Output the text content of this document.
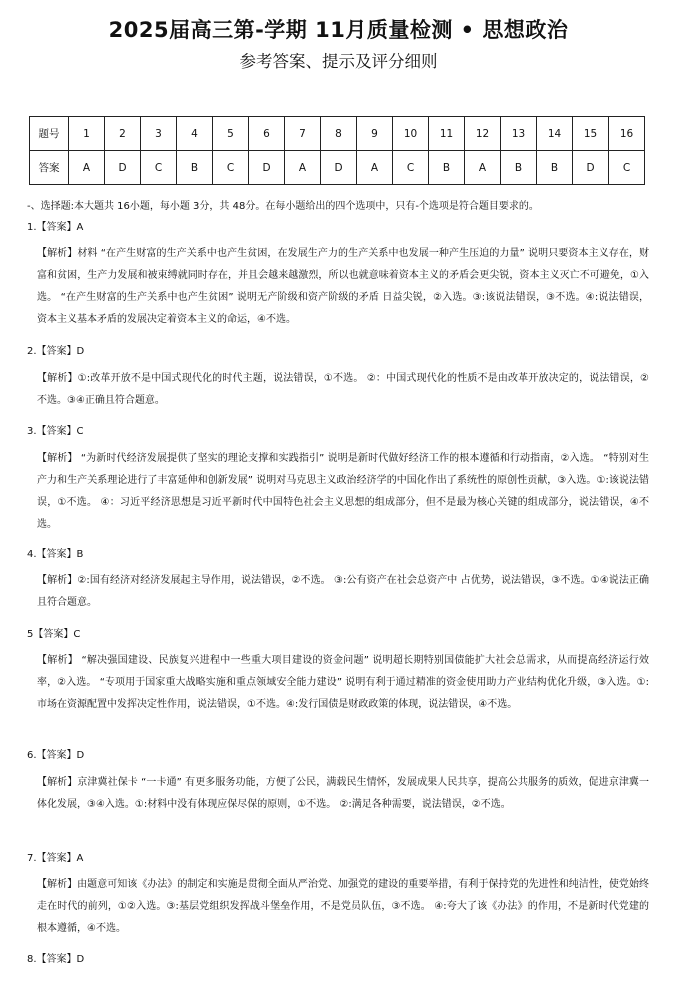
2025届高三第-学期 11月质量检测 • 思想政治
参考答案、提示及评分细则
题号	1	2	3	4	5	6	7	8	9	10	11	12	13	14	15	16
答案	A	D	C	B	C	D	A	D	A	C	B	A	B	B	D	C
-、选择题:本大题共 16小题，每小题 3分，共 48分。在每小题给出的四个选项中，只有-个选项是符合题目要求的。
1.【答案】A
【解析】材料 “在产生财富的生产关系中也产生贫困，在发展生产力的生产关系中也发展一种产生压迫的力量” 说明只要资本主义存在，财富和贫困，生产力发展和被束缚就同时存在，并且会越来越激烈，所以也就意味着资本主义的矛盾会更尖锐，资本主义灭亡不可避免，①入选。 “在产生财富的生产关系中也产生贫困” 说明无产阶级和资产阶级的矛盾 日益尖锐，②入选。③:该说法错误，③不选。④:说法错误，资本主义基本矛盾的发展决定着资本主义的命运，④不选。
2.【答案】D
【解析】①:改革开放不是中国式现代化的时代主题，说法错误，①不选。 ②：中国式现代化的性质不是由改革开放决定的，说法错误，②不选。③④正确且符合题意。
3.【答案】C
【解析】 “为新时代经济发展提供了坚实的理论支撑和实践指引” 说明是新时代做好经济工作的根本遵循和行动指南，②入选。 “特别对生产力和生产关系理论进行了丰富延伸和创新发展” 说明对马克思主义政治经济学的中国化作出了系统性的原创性贡献，③入选。①:该说法错误，①不选。 ④：习近平经济思想是习近平新时代中国特色社会主义思想的组成部分，但不是最为核心关键的组成部分，说法错误，④不选。
4.【答案】B
【解析】②:国有经济对经济发展起主导作用，说法错误，②不选。 ③:公有资产在社会总资产中 占优势，说法错误，③不选。①④说法正确且符合题意。
5【答案】C
【解析】 “解决强国建设、民族复兴进程中一些重大项目建设的资金问题” 说明超长期特别国债能扩大社会总需求，从而提高经济运行效率，②入选。 “专项用于国家重大战略实施和重点领域安全能力建设” 说明有利于通过精准的资金使用助力产业结构优化升级，③入选。①:市场在资源配置中发挥决定性作用，说法错误，①不选。④:发行国债是财政政策的体现，说法错误，④不选。
6.【答案】D
【解析】京津冀社保卡 “一卡通” 有更多服务功能，方便了公民，满载民生情怀，发展成果人民共享，提高公共服务的质效，促进京津冀一体化发展，③④入选。①:材料中没有体现应保尽保的原则，①不选。 ②:满足各种需要，说法错误，②不选。
7.【答案】A
【解析】由题意可知该《办法》的制定和实施是贯彻全面从严治党、加强党的建设的重要举措，有利于保持党的先进性和纯洁性，使党始终走在时代的前列，①②入选。③:基层党组织发挥战斗堡垒作用，不是党员队伍，③不选。 ④:夸大了该《办法》的作用，不是新时代党建的根本遵循，④不选。
8.【答案】D
